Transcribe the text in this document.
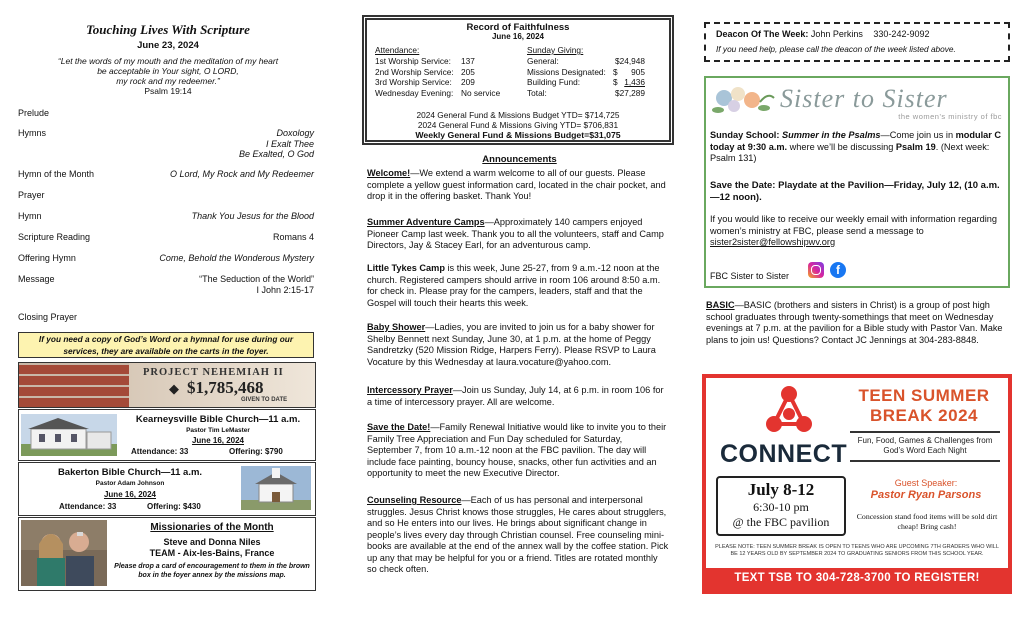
Touching Lives With Scripture
June 23, 2024
“Let the words of my mouth and the meditation of my heart
be acceptable in Your sight, O LORD,
my rock and my redeemer.”
Psalm 19:14
Prelude
Hymns	Doxology
I Exalt Thee
Be Exalted, O God
Hymn of the Month	O Lord, My Rock and My Redeemer
Prayer
Hymn	Thank You Jesus for the Blood
Scripture Reading	Romans 4
Offering Hymn	Come, Behold the Wonderous Mystery
Message	“The Seduction of the World”
I John 2:15-17
Closing Prayer
If you need a copy of God’s Word or a hymnal for use during our services, they are available on the carts in the foyer.
PROJECT NEHEMIAH II
◆ $1,785,468
GIVEN TO DATE
Kearneysville Bible Church—11 a.m.
Pastor Tim LeMaster
June 16, 2024
Attendance: 33	Offering: $790
Bakerton Bible Church—11 a.m.
Pastor Adam Johnson
June 16, 2024
Attendance: 33	Offering: $430
Missionaries of the Month
Steve and Donna Niles
TEAM - Aix-les-Bains, France
Please drop a card of encouragement to them in the brown box in the foyer annex by the missions map.
Record of Faithfulness
June 16, 2024
Attendance:	Sunday Giving:
1st Worship Service: 137
2nd Worship Service: 205
3rd Worship Service: 209
Wednesday Evening: No service
General:	$24,948
Missions Designated: $ 905
Building Fund:	$ 1,436
Total:	$27,289
2024 General Fund & Missions Budget YTD= $714,725
2024 General Fund & Missions Giving YTD= $706,831
Weekly General Fund & Missions Budget=$31,075
Announcements
Welcome!—We extend a warm welcome to all of our guests. Please complete a yellow guest information card, located in the chair pocket, and drop it in the offering basket. Thank You!
Summer Adventure Camps—Approximately 140 campers enjoyed Pioneer Camp last week. Thank you to all the volunteers, staff and Camp Directors, Jay & Stacey Earl, for an adventurous camp.
Little Tykes Camp is this week, June 25-27, from 9 a.m.-12 noon at the church. Registered campers should arrive in room 106 around 8:50 a.m. for check in. Please pray for the campers, leaders, staff and that the Gospel will touch their hearts this week.
Baby Shower—Ladies, you are invited to join us for a baby shower for Shelby Bennett next Sunday, June 30, at 1 p.m. at the home of Peggy Sandretzky (520 Mission Ridge, Harpers Ferry). Please RSVP to Laura Vocature by this Wednesday at laura.vocature@yahoo.com.
Intercessory Prayer—Join us Sunday, July 14, at 6 p.m. in room 106 for a time of intercessory prayer. All are welcome.
Save the Date!—Family Renewal Initiative would like to invite you to their Family Tree Appreciation and Fun Day scheduled for Saturday, September 7, from 10 a.m.-12 noon at the FBC pavilion. The day will include face painting, bouncy house, snacks, other fun activities and an opportunity to meet the new Executive Director.
Counseling Resource—Each of us has personal and interpersonal struggles. Jesus Christ knows those struggles, He cares about strugglers, and so He enters into our lives. He brings about significant change in people’s lives every day through Christian counsel. Free counseling mini-books are available at the end of the annex wall by the coffee station. Pick up any that may be helpful for you or a friend. Titles are rotated monthly so check often.
Deacon Of The Week: John Perkins 330-242-9092
If you need help, please call the deacon of the week listed above.
Sister to Sister
the women's ministry of fbc
Sunday School: Summer in the Psalms—Come join us in modular C today at 9:30 a.m. where we’ll be discussing Psalm 19. (Next week: Psalm 131)
Save the Date: Playdate at the Pavilion—Friday, July 12, (10 a.m.—12 noon).
If you would like to receive our weekly email with information regarding women’s ministry at FBC, please send a message to sister2sister@fellowshipwv.org
FBC Sister to Sister	f
BASIC—BASIC (brothers and sisters in Christ) is a group of post high school graduates through twenty-somethings that meet on Wednesday evenings at 7 p.m. at the pavilion for a Bible study with Pastor Van. Make plans to join us! Questions? Contact JC Jennings at 304-283-8848.
CONNECT
TEEN SUMMER
BREAK 2024
Fun, Food, Games & Challenges from God’s Word Each Night
July 8-12
6:30-10 pm
@ the FBC pavilion
Guest Speaker:
Pastor Ryan Parsons
Concession stand food items will be sold dirt cheap! Bring cash!
PLEASE NOTE: TEEN SUMMER BREAK IS OPEN TO TEENS WHO ARE UPCOMING 7TH GRADERS WHO WILL BE 12 YEARS OLD BY SEPTEMBER 2024 TO GRADUATING SENIORS FROM THIS SCHOOL YEAR.
TEXT TSB TO 304-728-3700 TO REGISTER!
